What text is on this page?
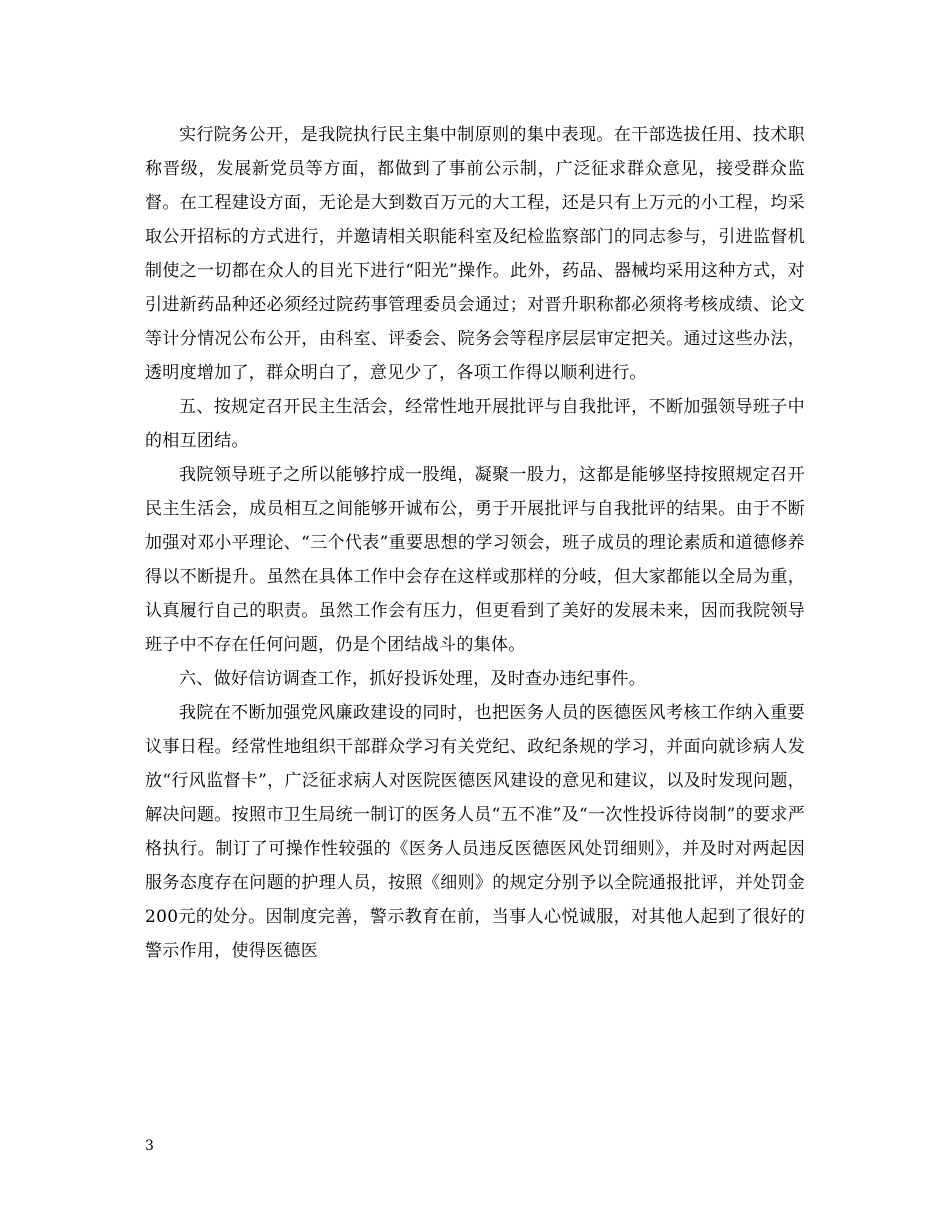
实行院务公开，是我院执行民主集中制原则的集中表现。在干部选拔任用、技术职称晋级，发展新党员等方面，都做到了事前公示制，广泛征求群众意见，接受群众监督。在工程建设方面，无论是大到数百万元的大工程，还是只有上万元的小工程，均采取公开招标的方式进行，并邀请相关职能科室及纪检监察部门的同志参与，引进监督机制使之一切都在众人的目光下进行“阳光”操作。此外，药品、器械均采用这种方式，对引进新药品种还必须经过院药事管理委员会通过；对晋升职称都必须将考核成绩、论文等计分情况公布公开，由科室、评委会、院务会等程序层层审定把关。通过这些办法，透明度增加了，群众明白了，意见少了，各项工作得以顺利进行。

五、按规定召开民主生活会，经常性地开展批评与自我批评，不断加强领导班子中的相互团结。

我院领导班子之所以能够拧成一股绳，凝聚一股力，这都是能够坚持按照规定召开民主生活会，成员相互之间能够开诚布公，勇于开展批评与自我批评的结果。由于不断加强对邓小平理论、“三个代表”重要思想的学习领会，班子成员的理论素质和道德修养得以不断提升。虽然在具体工作中会存在这样或那样的分岐，但大家都能以全局为重，认真履行自己的职责。虽然工作会有压力，但更看到了美好的发展未来，因而我院领导班子中不存在任何问题，仍是个团结战斗的集体。

六、做好信访调查工作，抓好投诉处理，及时查办违纪事件。

我院在不断加强党风廉政建设的同时，也把医务人员的医德医风考核工作纳入重要议事日程。经常性地组织干部群众学习有关党纪、政纪条规的学习，并面向就诊病人发放“行风监督卡”，广泛征求病人对医院医德医风建设的意见和建议，以及时发现问题，解决问题。按照市卫生局统一制订的医务人员“五不准”及“一次性投诉待岗制”的要求严格执行。制订了可操作性较强的《医务人员违反医德医风处罚细则》，并及时对两起因服务态度存在问题的护理人员，按照《细则》的规定分别予以全院通报批评，并处罚金200元的处分。因制度完善，警示教育在前，当事人心悦诚服，对其他人起到了很好的警示作用，使得医德医

3
